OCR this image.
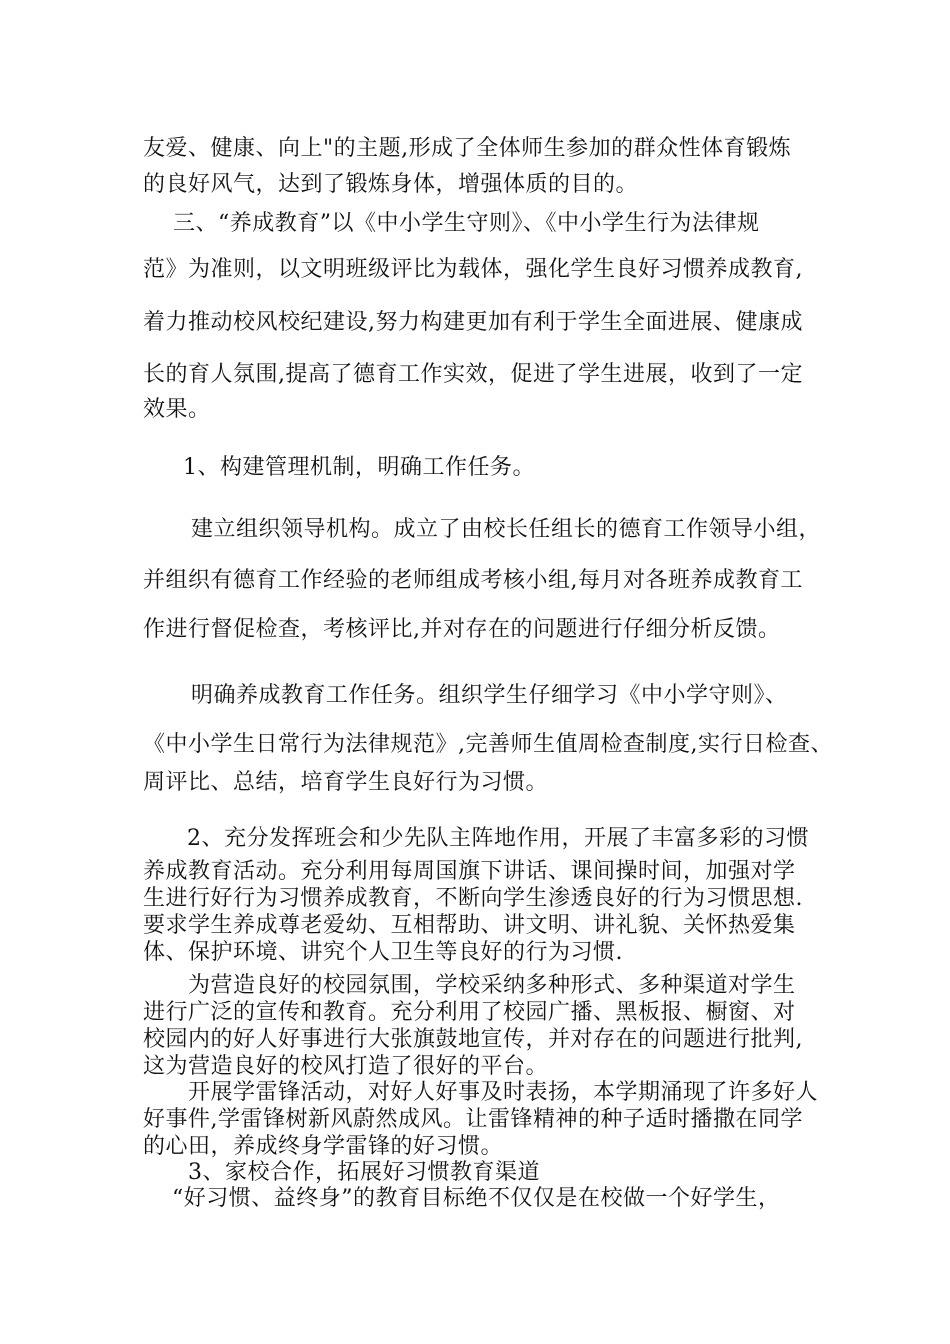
友爱、健康、向上"的主题,形成了全体师生参加的群众性体育锻炼
的良好风气，达到了锻炼身体，增强体质的目的。
三、“养成教育”以《中小学生守则》、《中小学生行为法律规
范》为准则，以文明班级评比为载体，强化学生良好习惯养成教育,
着力推动校风校纪建设,努力构建更加有利于学生全面进展、健康成
长的育人氛围,提高了德育工作实效，促进了学生进展，收到了一定
效果。
1、构建管理机制，明确工作任务。
建立组织领导机构。成立了由校长任组长的德育工作领导小组，
并组织有德育工作经验的老师组成考核小组,每月对各班养成教育工
作进行督促检查，考核评比,并对存在的问题进行仔细分析反馈。
明确养成教育工作任务。组织学生仔细学习《中小学守则》、
《中小学生日常行为法律规范》,完善师生值周检查制度,实行日检查、
周评比、总结，培育学生良好行为习惯。
2、充分发挥班会和少先队主阵地作用，开展了丰富多彩的习惯
养成教育活动。充分利用每周国旗下讲话、课间操时间，加强对学
生进行好行为习惯养成教育，不断向学生渗透良好的行为习惯思想.
要求学生养成尊老爱幼、互相帮助、讲文明、讲礼貌、关怀热爱集
体、保护环境、讲究个人卫生等良好的行为习惯.
为营造良好的校园氛围，学校采纳多种形式、多种渠道对学生
进行广泛的宣传和教育。充分利用了校园广播、黑板报、橱窗、对
校园内的好人好事进行大张旗鼓地宣传，并对存在的问题进行批判,
这为营造良好的校风打造了很好的平台。
开展学雷锋活动，对好人好事及时表扬，本学期涌现了许多好人
好事件,学雷锋树新风蔚然成风。让雷锋精神的种子适时播撒在同学
的心田，养成终身学雷锋的好习惯。
3、家校合作，拓展好习惯教育渠道
“好习惯、益终身”的教育目标绝不仅仅是在校做一个好学生，
